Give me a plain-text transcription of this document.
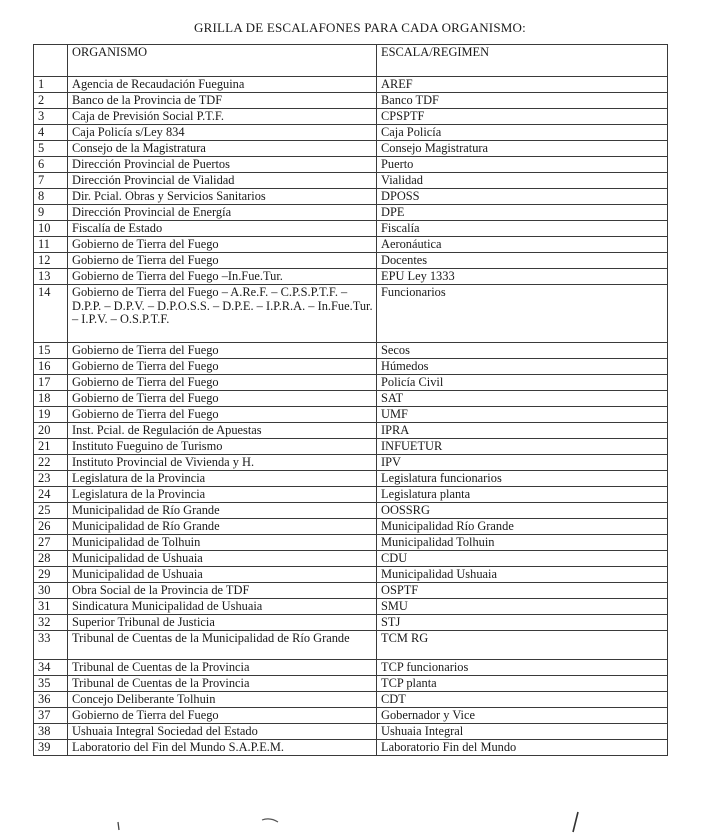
GRILLA DE ESCALAFONES PARA CADA ORGANISMO:
	ORGANISMO	ESCALA/REGIMEN
1	Agencia de Recaudación Fueguina	AREF
2	Banco de la Provincia de TDF	Banco TDF
3	Caja de Previsión Social P.T.F.	CPSPTF
4	Caja Policía s/Ley 834	Caja Policía
5	Consejo de la Magistratura	Consejo Magistratura
6	Dirección Provincial de Puertos	Puerto
7	Dirección Provincial de Vialidad	Vialidad
8	Dir. Pcial. Obras y Servicios Sanitarios	DPOSS
9	Dirección Provincial de Energía	DPE
10	Fiscalía de Estado	Fiscalía
11	Gobierno de Tierra del Fuego	Aeronáutica
12	Gobierno de Tierra del Fuego	Docentes
13	Gobierno de Tierra del Fuego –In.Fue.Tur.	EPU Ley 1333
14	Gobierno de Tierra del Fuego – A.Re.F. – C.P.S.P.T.F. – D.P.P. – D.P.V. – D.P.O.S.S. – D.P.E. – I.P.R.A. – In.Fue.Tur. – I.P.V. – O.S.P.T.F.	Funcionarios
15	Gobierno de Tierra del Fuego	Secos
16	Gobierno de Tierra del Fuego	Húmedos
17	Gobierno de Tierra del Fuego	Policía Civil
18	Gobierno de Tierra del Fuego	SAT
19	Gobierno de Tierra del Fuego	UMF
20	Inst. Pcial. de Regulación de Apuestas	IPRA
21	Instituto Fueguino de Turismo	INFUETUR
22	Instituto Provincial de Vivienda y H.	IPV
23	Legislatura de la Provincia	Legislatura funcionarios
24	Legislatura de la Provincia	Legislatura planta
25	Municipalidad de Río Grande	OOSSRG
26	Municipalidad de Río Grande	Municipalidad Río Grande
27	Municipalidad de Tolhuin	Municipalidad Tolhuin
28	Municipalidad de Ushuaia	CDU
29	Municipalidad de Ushuaia	Municipalidad Ushuaia
30	Obra Social de la Provincia de TDF	OSPTF
31	Sindicatura Municipalidad de Ushuaia	SMU
32	Superior Tribunal de Justicia	STJ
33	Tribunal de Cuentas de la Municipalidad de Río Grande	TCM RG
34	Tribunal de Cuentas de la Provincia	TCP funcionarios
35	Tribunal de Cuentas de la Provincia	TCP planta
36	Concejo Deliberante Tolhuin	CDT
37	Gobierno de Tierra del Fuego	Gobernador y Vice
38	Ushuaia Integral Sociedad del Estado	Ushuaia Integral
39	Laboratorio del Fin del Mundo S.A.P.E.M.	Laboratorio Fin del Mundo
